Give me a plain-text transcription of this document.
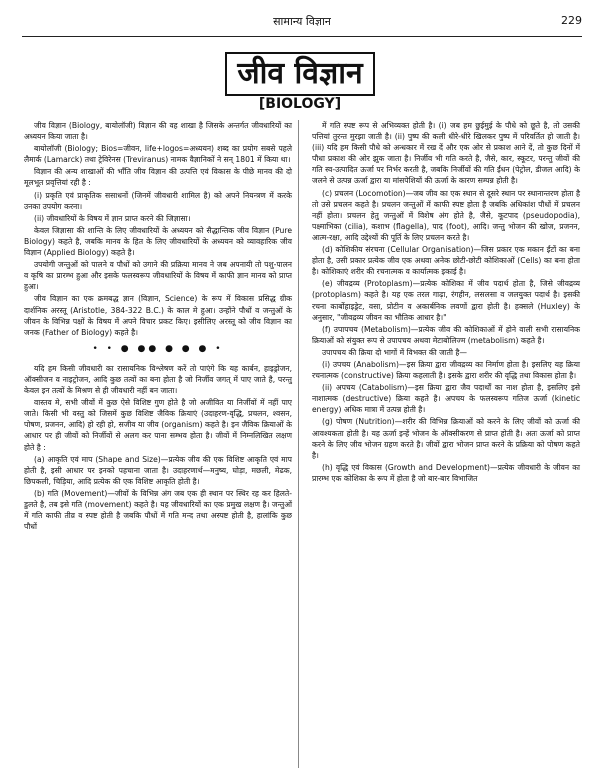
सामान्य विज्ञान	229
जीव विज्ञान
[BIOLOGY]

जीव विज्ञान (Biology, बायोलॉजी) विज्ञान की वह शाखा है जिसके अन्तर्गत जीवधारियों का अध्ययन किया जाता है।

बायोलॉजी (Biology; Bios=जीवन, life+logos=अध्ययन) शब्द का प्रयोग सबसे पहले लैमार्क (Lamarck) तथा ट्रेविरेनस (Treviranus) नामक वैज्ञानिकों ने सन् 1801 में किया था।

विज्ञान की अन्य शाखाओं की भाँति जीव विज्ञान की उत्पत्ति एवं विकास के पीछे मानव की दो मूलभूत प्रवृत्तियां रही है :

(i) प्रकृति एवं प्राकृतिक ससाधनों (जिनमें जीवधारी शामिल है) को अपने नियन्त्रण में करके उनका उपयोग करना।

(ii) जीवधारियों के विषय में ज्ञान प्राप्त करने की जिज्ञासा।

केवल जिज्ञासा की शान्ति के लिए जीवधारियों के अध्ययन को सैद्धान्तिक जीव विज्ञान (Pure Biology) कहते है, जबकि मानव के हित के लिए जीवधारियों के अध्ययन को व्यावहारिक जीव विज्ञान (Applied Biology) कहते है।

उपयोगी जन्तुओं को पालने व पौधों को उगाने की प्रक्रिया मानव ने जब अपनायी तो पशु-पालन व कृषि का प्रारम्भ हुआ और इसके फलस्वरूप जीवधारियों के विषय में काफी ज्ञान मानव को प्राप्त हुआ।

जीव विज्ञान का एक क्रमबद्ध ज्ञान (विज्ञान, Science) के रूप में विकास प्रसिद्ध ग्रीक दार्शनिक अरस्तू (Aristotle, 384-322 B.C.) के काल मे हुआ। उन्होंने पौधों व जन्तुओं के जीवन के विभिन्न पक्षों के विषय में अपने विचार प्रकट किए। इसीलिए अरस्तू को जीव विज्ञान का जनक (Father of Biology) कहते है।

• • ● ●● ● ● ● •

यदि हम किसी जीवधारी का रासायनिक विश्लेषण करें तो पाएंगे कि यह कार्बन, हाइड्रोजन, ऑक्सीजन व नाइट्रोजन, आदि कुछ तत्वों का बना होता है जो निर्जीव जगत् में पाए जाते है, परन्तु केवल इन तत्वों के मिश्रण से ही जीवधारी नहीं बन जाता।

वास्तव मे, सभी जीवों में कुछ ऐसे विशिष्ट गुण होते है जो अजीवित या निर्जीवों में नहीं पाए जाते। किसी भी वस्तु को जिसमें कुछ विशिष्ट जैविक क्रियाएं (उदाहरण-वृद्धि, प्रचलन, श्वसन, पोषण, प्रजनन, आदि) हो रही हो, सजीव या जीव (organism) कहते है। इन जैविक क्रियाओं के आधार पर ही जीवों को निर्जीवों से अलग कर पाना सम्भव होता है। जीवों में निम्नलिखित लक्षण होते है :

(a) आकृति एवं माप (Shape and Size)—प्रत्येक जीव की एक विशिष्ट आकृति एवं माप होती है, इसी आधार पर इनको पहचाना जाता है। उदाहरणार्थ—मनुष्य, घोड़ा, मछली, मेढक, छिपकली, चिड़िया, आदि प्रत्येक की एक विशिष्ट आकृति होती है।

(b) गति (Movement)—जीवों के विभिन्न अंग जब एक ही स्थान पर स्थिर रह कर हिलते-डुलते है, तब इसे गति (movement) कहते है। यह जीवधारियों का एक प्रमुख लक्षण है। जन्तुओं में गति काफी तीव्र व स्पष्ट होती है जबकि पौधों में गति मन्द तथा अस्पष्ट होती है, हालांकि कुछ पौधों

में गति स्पष्ट रूप से अभिव्यक्त होती है। (i) जब हम छुईमुई के पौधे को छूते है, तो उसकी पत्तियां तुरन्त मुरझा जाती है। (ii) पुष्प की कली धीरे-धीरे खिलकर पुष्प में परिवर्तित हो जाती है। (iii) यदि हम किसी पौधे को अन्धकार में रख दें और एक ओर से प्रकाश आने दें, तो कुछ दिनों में पौधा प्रकाश की ओर झुक जाता है। निर्जीव भी गति करते है, जैसे, कार, स्कूटर, परन्तु जीवों की गति स्व-उत्पादित ऊर्जा पर निर्भर करती है, जबकि निर्जीवों की गति ईंधन (पेट्रोल, डीजल आदि) के जलने से उत्पन्न ऊर्जा द्वारा या मांसपेशियों की ऊर्जा के कारण सम्पन्न होती है।

(c) प्रचलन (Locomotion)—जब जीव का एक स्थान से दूसरे स्थान पर स्थानान्तरण होता है तो उसे प्रचलन कहते है। प्रचलन जन्तुओं में काफी स्पष्ट होता है जबकि अधिकांश पौधों में प्रचलन नहीं होता। प्रचलन हेतु जन्तुओं में विशेष अंग होते है, जैसे, कूटपाद (pseudopodia), पक्ष्माभिका (cilia), कशाभ (flagella), पाद (foot), आदि। जन्तु भोजन की खोज, प्रजनन, आत्म-रक्षा, आदि उद्देश्यों की पूर्ति के लिए प्रचलन करते है।

(d) कोशिकीय संरचना (Cellular Organisation)—जिस प्रकार एक मकान ईंटों का बना होता है, उसी प्रकार प्रत्येक जीव एक अथवा अनेक छोटी-छोटी कोशिकाओं (Cells) का बना होता है। कोशिकाएं शरीर की रचनात्मक व कार्यात्मक इकाई है।

(e) जीवद्रव्य (Protoplasm)—प्रत्येक कोशिका में जीव पदार्थ होता है, जिसे जीवद्रव्य (protoplasm) कहते है। यह एक तरल गाढ़ा, रंगहीन, लसलसा व जलयुक्त पदार्थ है। इसकी रचना कार्बोहाइड्रेट, वसा, प्रोटीन व अकार्बनिक लवणों द्वारा होती है। हक्सले (Huxley) के अनुसार, "जीवद्रव्य जीवन का भौतिक आधार है।"

(f) उपापचय (Metabolism)—प्रत्येक जीव की कोशिकाओं में होने वाली सभी रासायनिक क्रियाओं को संयुक्त रूप से उपापचय अथवा मेटाबोलिज्म (metabolism) कहते है।

उपापचय की क्रिया दो भागों में विभक्त की जाती है—

(i) उपचय (Anabolism)—इस क्रिया द्वारा जीवद्रव्य का निर्माण होता है। इसलिए यह क्रिया रचनात्मक (constructive) क्रिया कहलाती है। इसके द्वारा शरीर की वृद्धि तथा विकास होता है।

(ii) अपचय (Catabolism)—इस क्रिया द्वारा जैव पदार्थों का नाश होता है, इसलिए इसे नाशात्मक (destructive) क्रिया कहते है। अपचय के फलस्वरूप गतिज ऊर्जा (kinetic energy) अधिक मात्रा में उत्पन्न होती है।

(g) पोषण (Nutrition)—शरीर की विभिन्न क्रियाओं को करने के लिए जीवों को ऊर्जा की आवश्यकता होती है। यह ऊर्जा इन्हें भोजन के ऑक्सीकरण से प्राप्त होती है। अतः ऊर्जा को प्राप्त करने के लिए जीव भोजन ग्रहण करते है। जीवों द्वारा भोजन प्राप्त करने के प्रक्रिया को पोषण कहते है।

(h) वृद्धि एवं विकास (Growth and Development)—प्रत्येक जीवधारी के जीवन का प्रारम्भ एक कोशिका के रूप में होता है जो बार-बार विभाजित
